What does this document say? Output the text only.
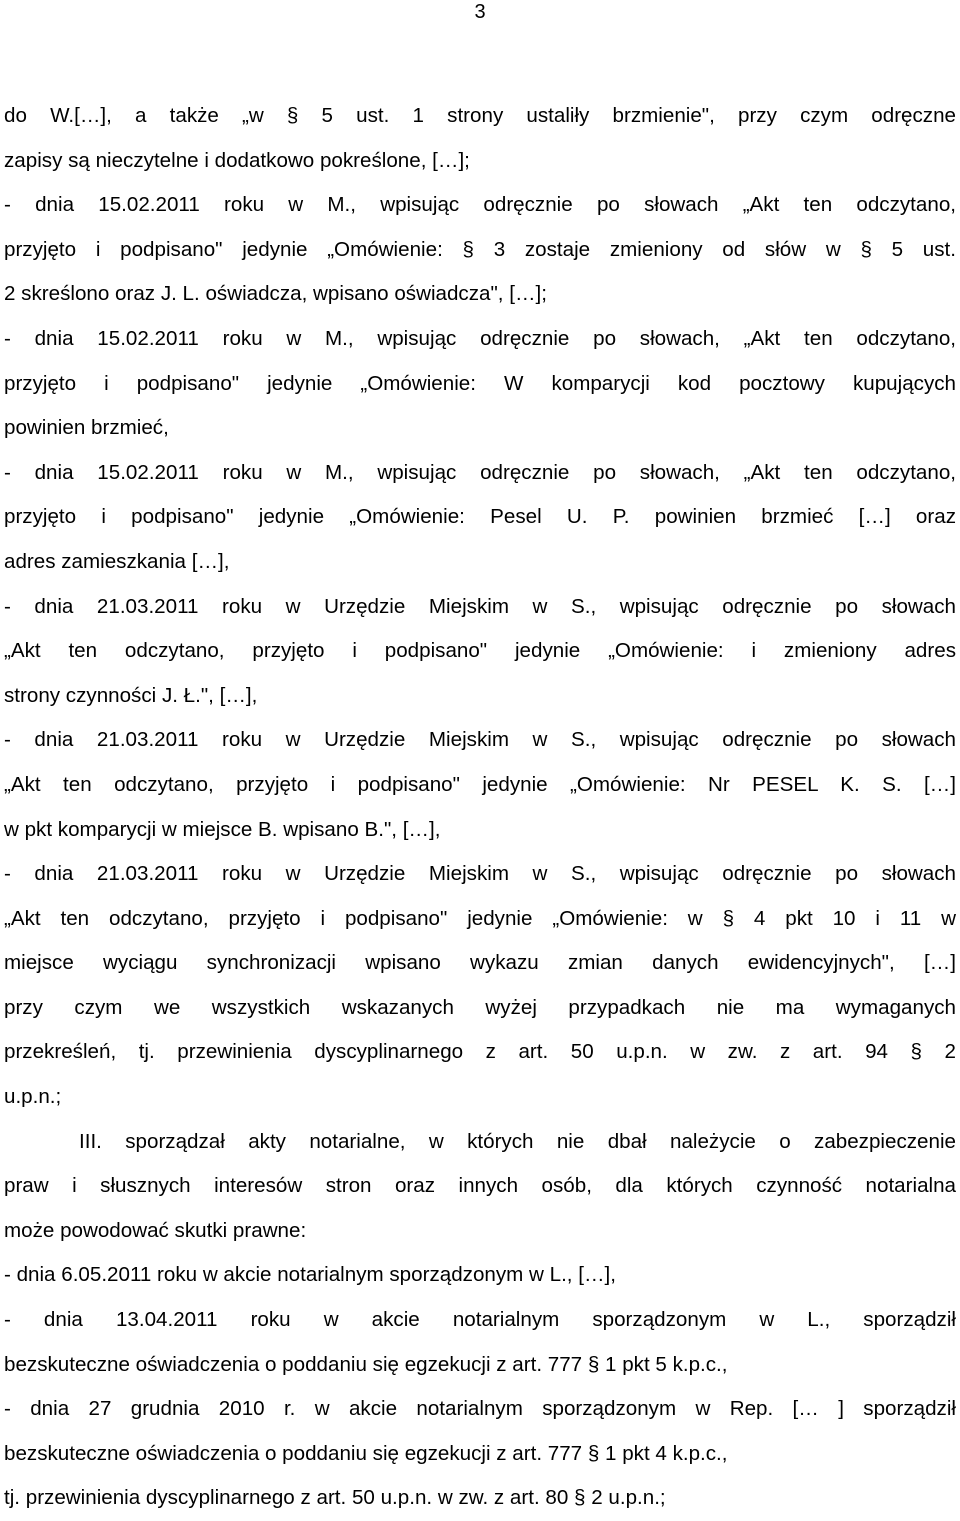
3
do W.[…], a także „w § 5 ust. 1 strony ustaliły brzmienie", przy czym odręczne
zapisy są nieczytelne i dodatkowo pokreślone, […];
- dnia 15.02.2011 roku w M., wpisując odręcznie po słowach „Akt ten odczytano,
przyjęto i podpisano" jedynie „Omówienie: § 3 zostaje zmieniony od słów w § 5 ust.
2 skreślono oraz J. L. oświadcza, wpisano oświadcza", […];
- dnia 15.02.2011 roku w M., wpisując odręcznie po słowach, „Akt ten odczytano,
przyjęto i podpisano" jedynie „Omówienie: W komparycji kod pocztowy kupujących
powinien brzmieć,
- dnia 15.02.2011 roku w M., wpisując odręcznie po słowach, „Akt ten odczytano,
przyjęto i podpisano" jedynie „Omówienie: Pesel U. P. powinien brzmieć […] oraz
adres zamieszkania […],
- dnia 21.03.2011 roku w Urzędzie Miejskim w S., wpisując odręcznie po słowach
„Akt ten odczytano, przyjęto i podpisano" jedynie „Omówienie: i zmieniony adres
strony czynności J. Ł.", […],
- dnia 21.03.2011 roku w Urzędzie Miejskim w S., wpisując odręcznie po słowach
„Akt ten odczytano, przyjęto i podpisano" jedynie „Omówienie: Nr PESEL K. S. […]
w pkt komparycji w miejsce B. wpisano B.", […],
- dnia 21.03.2011 roku w Urzędzie Miejskim w S., wpisując odręcznie po słowach
„Akt ten odczytano, przyjęto i podpisano" jedynie „Omówienie: w § 4 pkt 10 i 11 w
miejsce wyciągu synchronizacji wpisano wykazu zmian danych ewidencyjnych", […]
przy czym we wszystkich wskazanych wyżej przypadkach nie ma wymaganych
przekreśleń, tj. przewinienia dyscyplinarnego z art. 50 u.p.n. w zw. z art. 94 § 2
u.p.n.;
III. sporządzał akty notarialne, w których nie dbał należycie o zabezpieczenie
praw i słusznych interesów stron oraz innych osób, dla których czynność notarialna
może powodować skutki prawne:
- dnia 6.05.2011 roku w akcie notarialnym sporządzonym w L., […],
- dnia 13.04.2011 roku w akcie notarialnym sporządzonym w L., sporządził
bezskuteczne oświadczenia o poddaniu się egzekucji z art. 777 § 1 pkt 5 k.p.c.,
- dnia 27 grudnia 2010 r. w akcie notarialnym sporządzonym w Rep. [… ] sporządził
bezskuteczne oświadczenia o poddaniu się egzekucji z art. 777 § 1 pkt 4 k.p.c.,
tj. przewinienia dyscyplinarnego z art. 50 u.p.n. w zw. z art. 80 § 2 u.p.n.;
